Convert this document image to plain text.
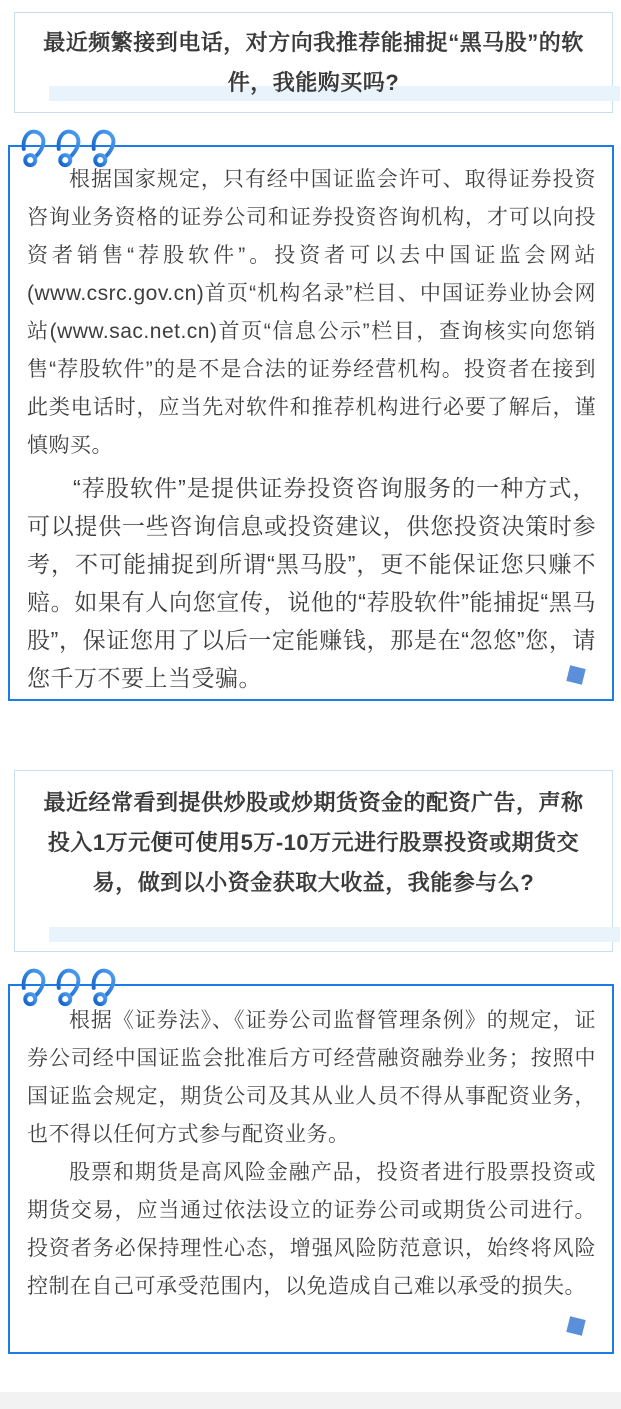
最近频繁接到电话，对方向我推荐能捕捉“黑马股”的软件，我能购买吗?

根据国家规定，只有经中国证监会许可、取得证券投资咨询业务资格的证券公司和证券投资咨询机构，才可以向投资者销售“荐股软件”。投资者可以去中国证监会网站(www.csrc.gov.cn)首页“机构名录”栏目、中国证券业协会网站(www.sac.net.cn)首页“信息公示”栏目，查询核实向您销售“荐股软件”的是不是合法的证券经营机构。投资者在接到此类电话时，应当先对软件和推荐机构进行必要了解后，谨慎购买。

“荐股软件”是提供证券投资咨询服务的一种方式，可以提供一些咨询信息或投资建议，供您投资决策时参考，不可能捕捉到所谓“黑马股”，更不能保证您只赚不赔。如果有人向您宣传，说他的“荐股软件”能捕捉“黑马股”，保证您用了以后一定能赚钱，那是在“忽悠”您，请您千万不要上当受骗。

最近经常看到提供炒股或炒期货资金的配资广告，声称投入1万元便可使用5万-10万元进行股票投资或期货交易，做到以小资金获取大收益，我能参与么?

根据《证券法》、《证券公司监督管理条例》的规定，证券公司经中国证监会批准后方可经营融资融券业务；按照中国证监会规定，期货公司及其从业人员不得从事配资业务，也不得以任何方式参与配资业务。

股票和期货是高风险金融产品，投资者进行股票投资或期货交易，应当通过依法设立的证券公司或期货公司进行。投资者务必保持理性心态，增强风险防范意识，始终将风险控制在自己可承受范围内，以免造成自己难以承受的损失。
